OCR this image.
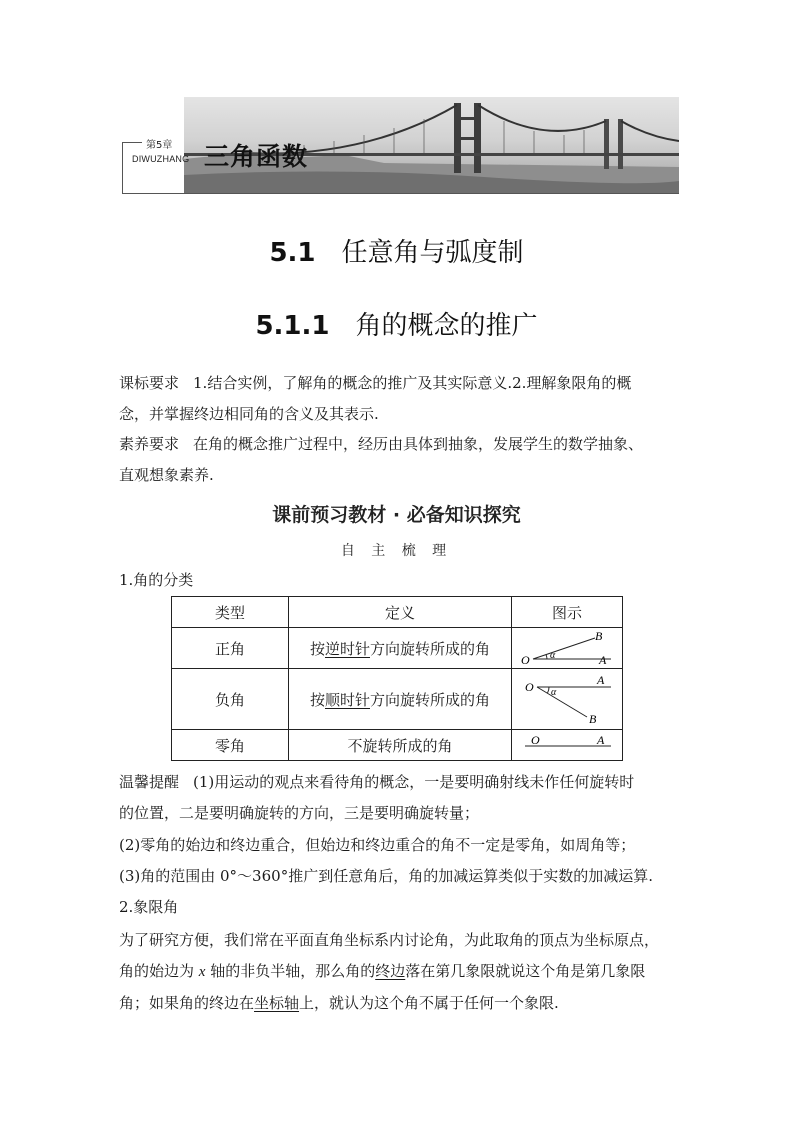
第5章
DIWUZHANG 三角函数
5.1 任意角与弧度制
5.1.1 角的概念的推广
课标要求 1.结合实例，了解角的概念的推广及其实际意义.2.理解象限角的概
念，并掌握终边相同角的含义及其表示.
素养要求 在角的概念推广过程中，经历由具体到抽象，发展学生的数学抽象、
直观想象素养.
课前预习教材 · 必备知识探究
自 主 梳 理
1.角的分类
类型	定义	图示
正角	按逆时针方向旋转所成的角	O A
B
α

负角	按顺时针方向旋转所成的角	O A
B
α

零角	不旋转所成的角	O A
温馨提醒 (1)用运动的观点来看待角的概念，一是要明确射线未作任何旋转时
的位置，二是要明确旋转的方向，三是要明确旋转量；
(2)零角的始边和终边重合，但始边和终边重合的角不一定是零角，如周角等；
(3)角的范围由 0°～360°推广到任意角后，角的加减运算类似于实数的加减运算.
2.象限角
为了研究方便，我们常在平面直角坐标系内讨论角，为此取角的顶点为坐标原点，
角的始边为 x 轴的非负半轴，那么角的终边落在第几象限就说这个角是第几象限
角；如果角的终边在坐标轴上，就认为这个角不属于任何一个象限.
